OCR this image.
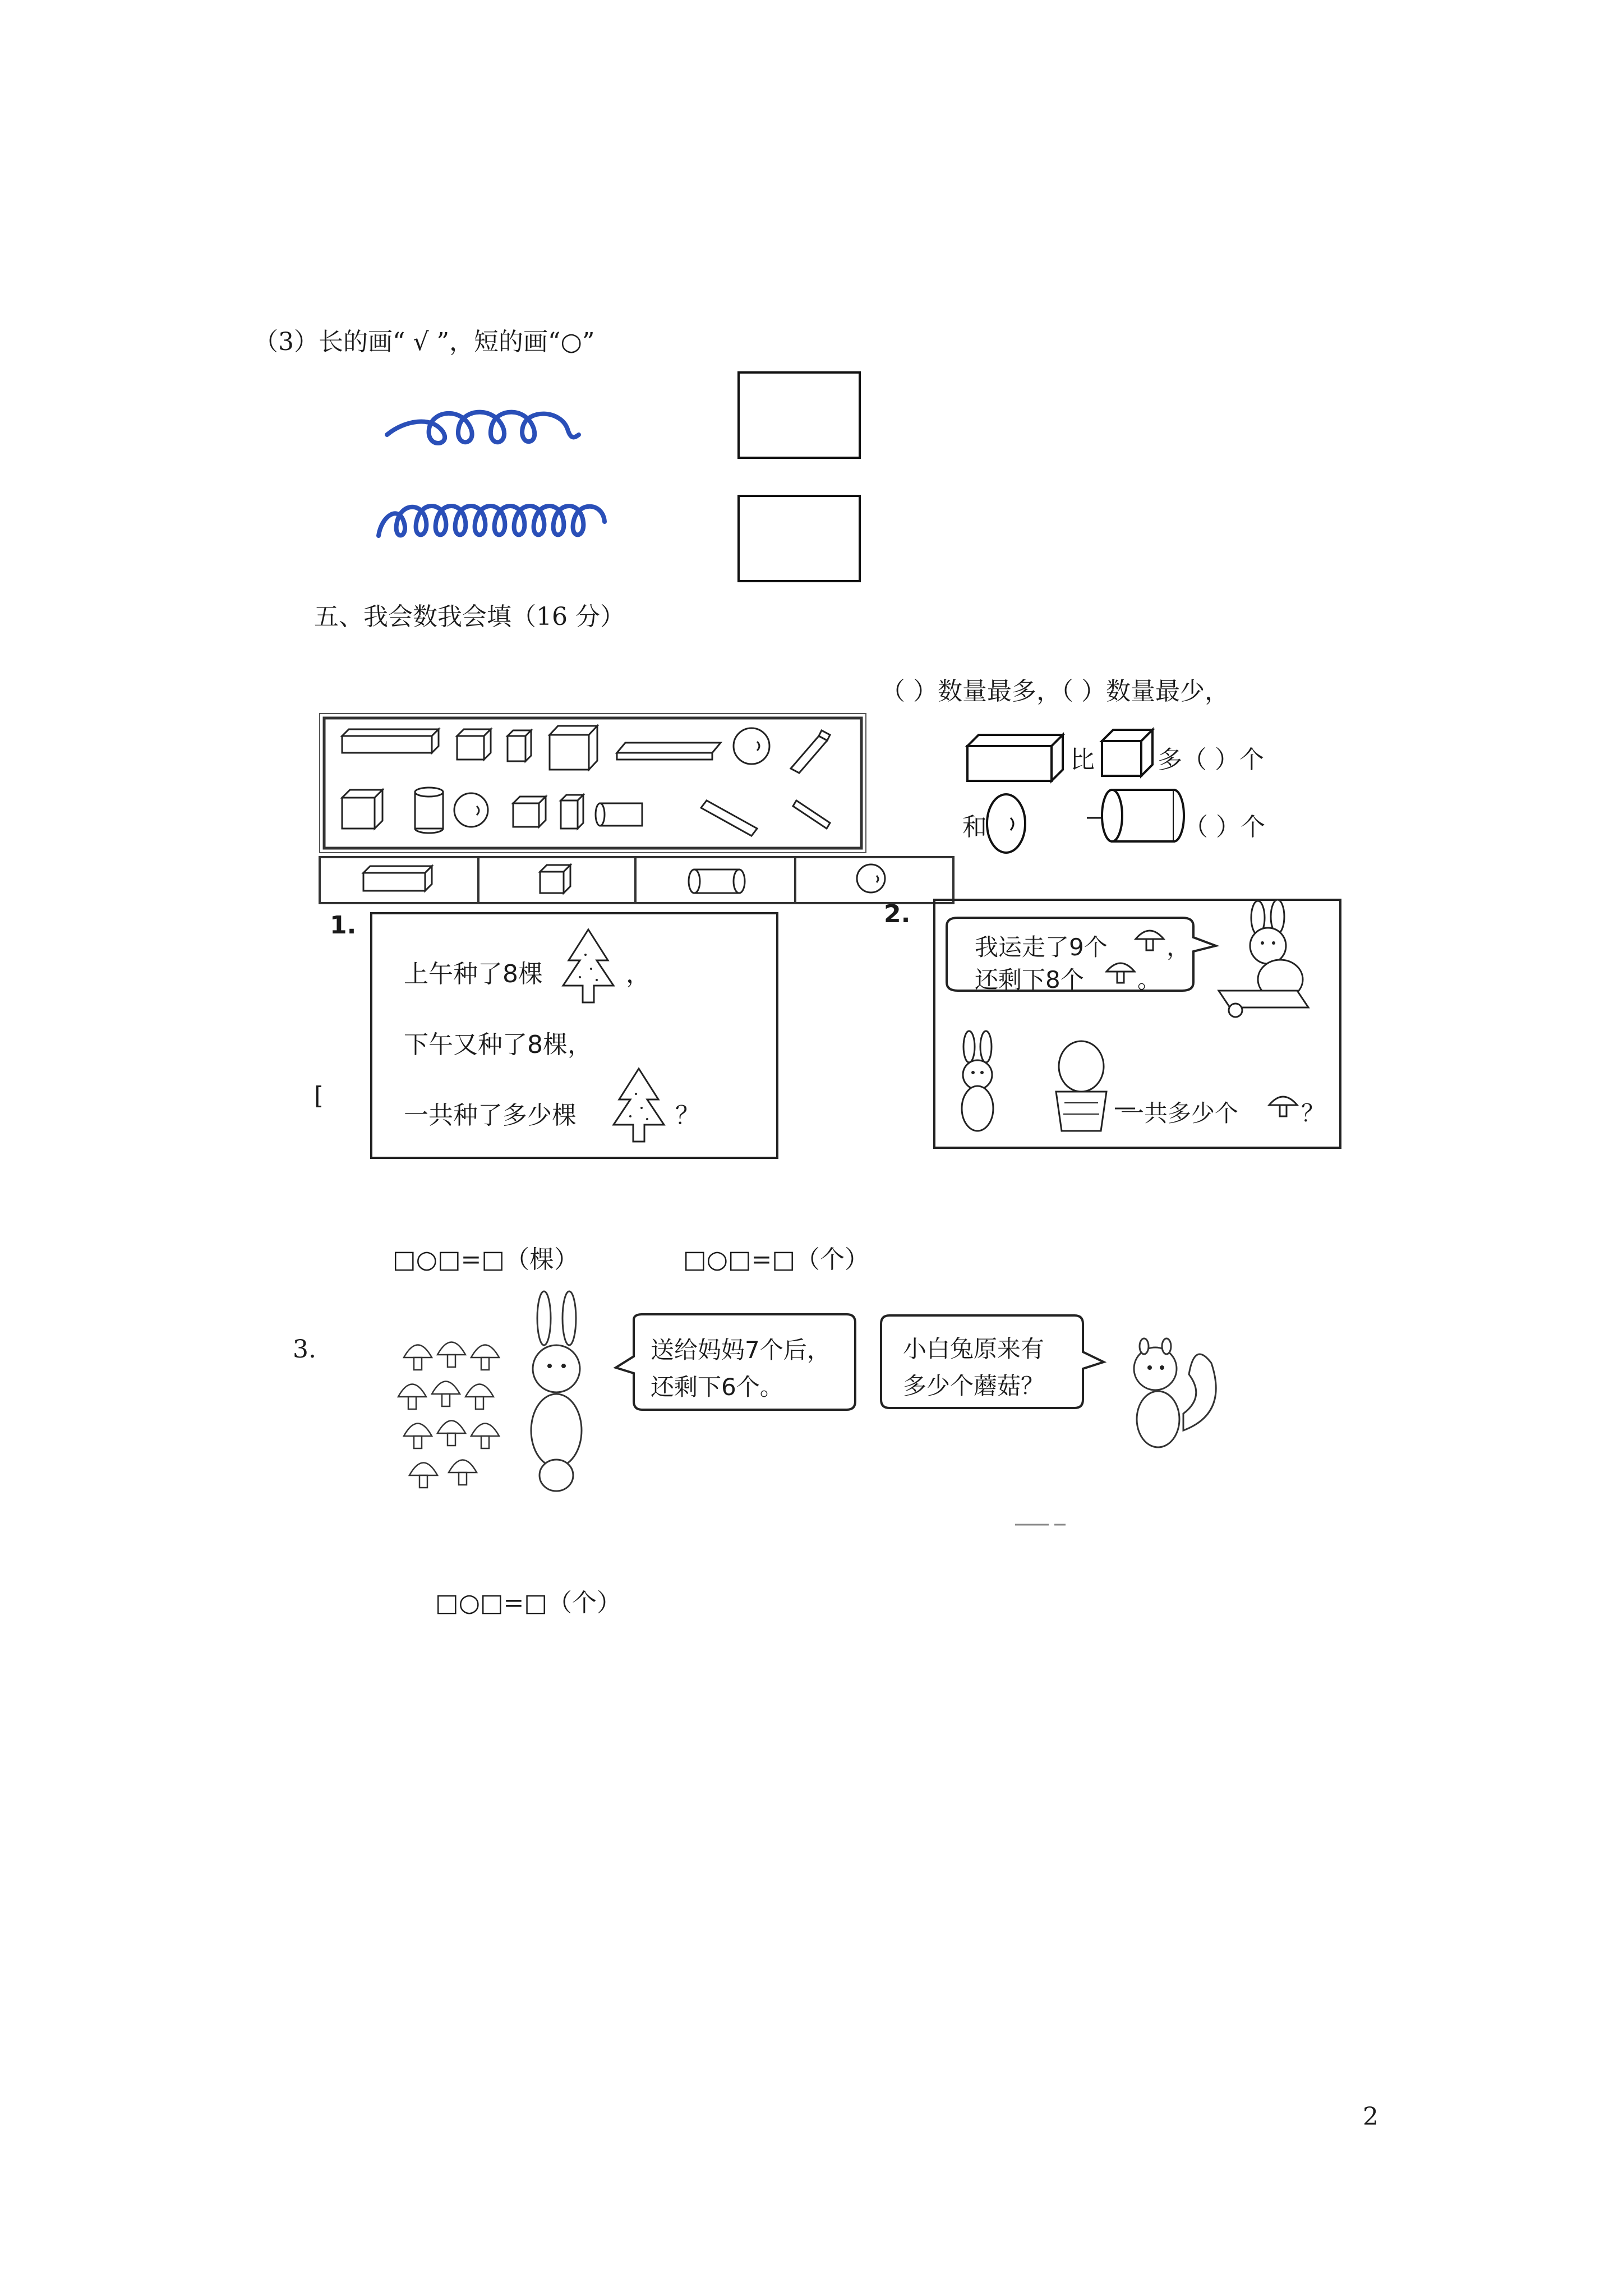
（3）长的画“ √ ”，短的画“○”
五、我会数我会填（16 分）
（ ）数量最多，（ ）数量最少，
比	多（ ）个
和	（ ）个
1.
[
上午种了8棵	，
下午又种了8棵，
一共种了多少棵	？
2.
我运走了9个	，
还剩下8个 。
一共多少个	？
□○□=□（棵）	□○□=□（个）
3.	送给妈妈7个后，
还剩下6个。
小白兔原来有
多少个蘑菇？
□○□=□（个）
2
